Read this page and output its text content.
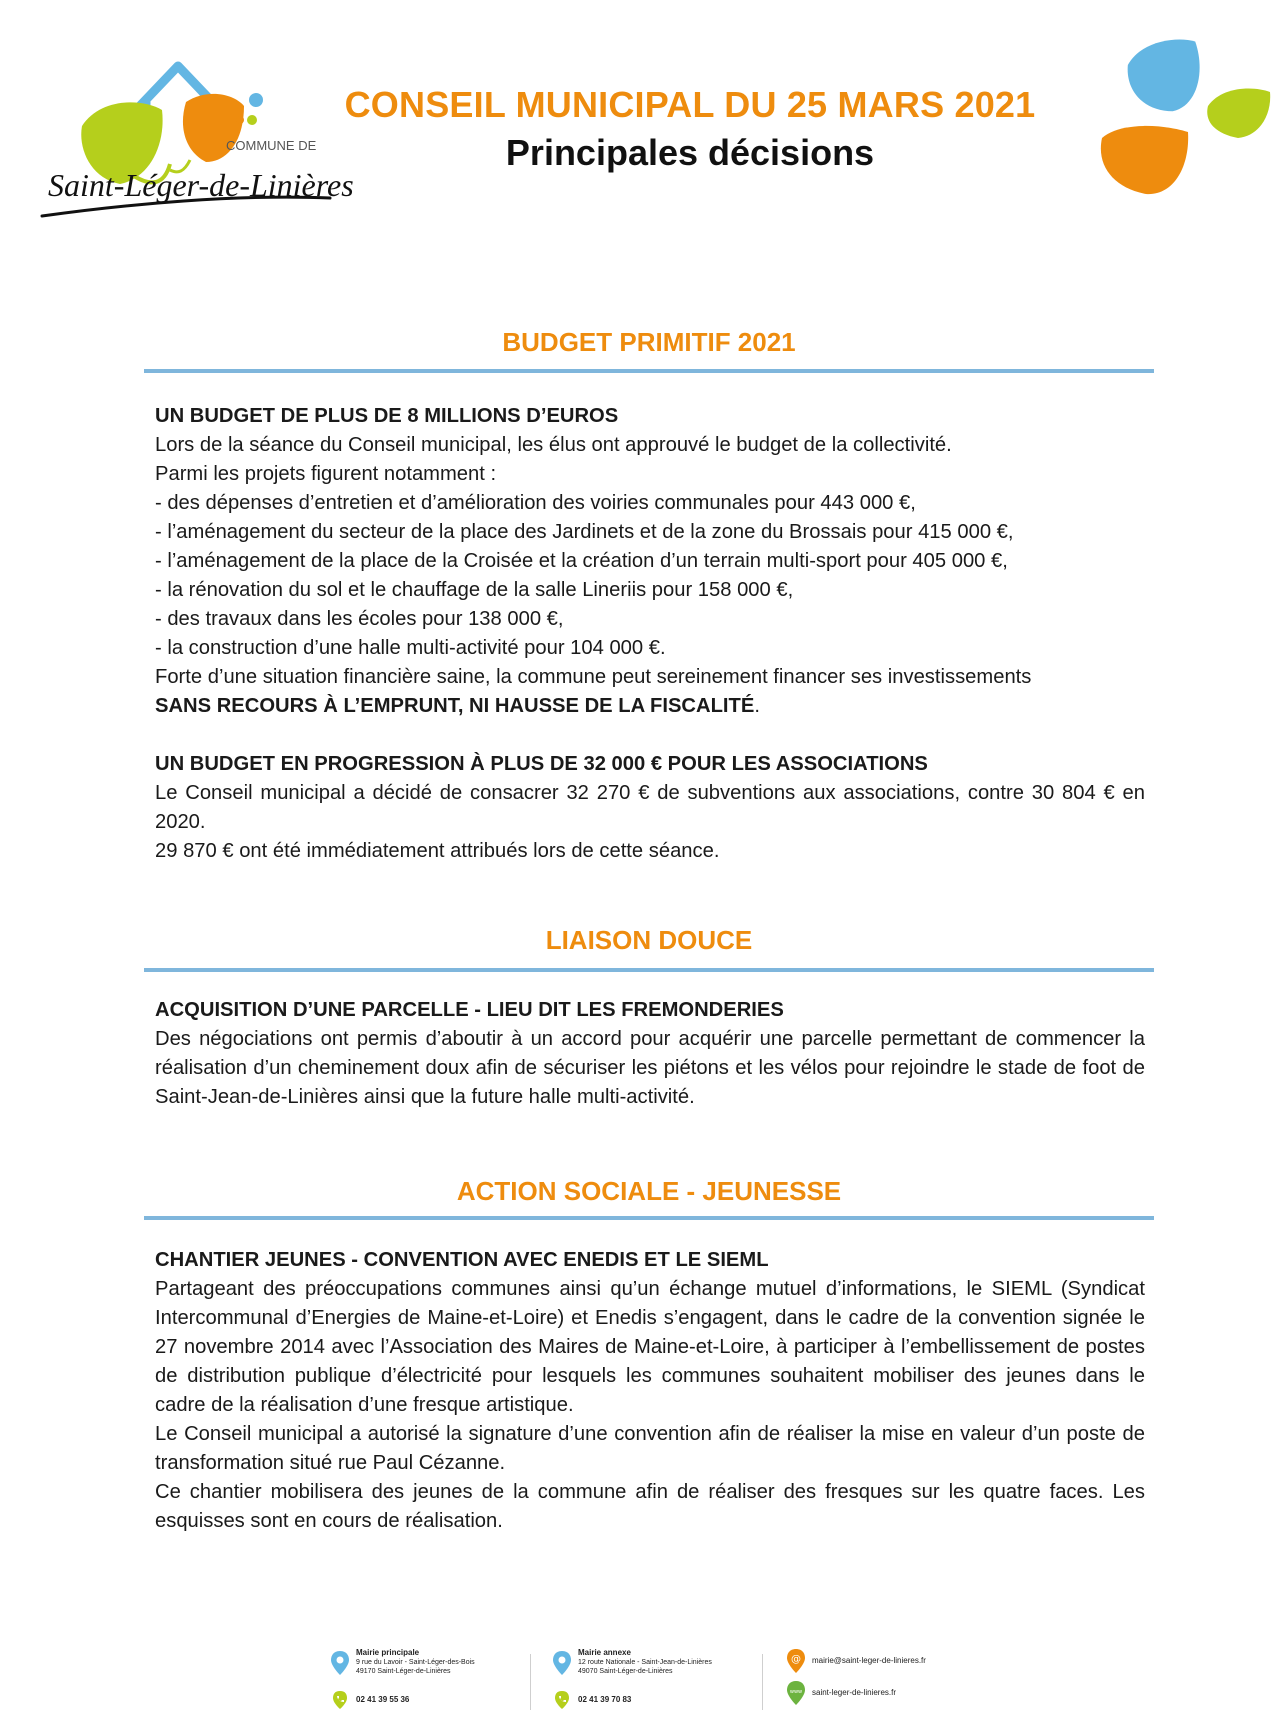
COMMUNE DE
Saint-Léger-de-Linières
CONSEIL MUNICIPAL DU 25 MARS 2021
Principales décisions
BUDGET PRIMITIF 2021

UN BUDGET DE PLUS DE 8 MILLIONS D’EUROS

Lors de la séance du Conseil municipal, les élus ont approuvé le budget de la collectivité.

Parmi les projets figurent notamment :

- des dépenses d’entretien et d’amélioration des voiries communales pour 443 000 €,

- l’aménagement du secteur de la place des Jardinets et de la zone du Brossais pour 415 000 €,

- l’aménagement de la place de la Croisée et la création d’un terrain multi-sport pour 405 000 €,

- la rénovation du sol et le chauffage de la salle Lineriis pour 158 000 €,

- des travaux dans les écoles pour 138 000 €,

- la construction d’une halle multi-activité pour 104 000 €.

Forte d’une situation financière saine, la commune peut sereinement financer ses investissements

SANS RECOURS À L’EMPRUNT, NI HAUSSE DE LA FISCALITÉ.

UN BUDGET EN PROGRESSION À PLUS DE 32 000 € POUR LES ASSOCIATIONS

Le Conseil municipal a décidé de consacrer 32 270 € de subventions aux associations, contre 30 804 € en 2020.

29 870 € ont été immédiatement attribués lors de cette séance.

LIAISON DOUCE

ACQUISITION D’UNE PARCELLE - LIEU DIT LES FREMONDERIES

Des négociations ont permis d’aboutir à un accord pour acquérir une parcelle permettant de commencer la réalisation d’un cheminement doux afin de sécuriser les piétons et les vélos pour rejoindre le stade de foot de Saint-Jean-de-Linières ainsi que la future halle multi-activité.

ACTION SOCIALE - JEUNESSE

CHANTIER JEUNES - CONVENTION AVEC ENEDIS ET LE SIEML

Partageant des préoccupations communes ainsi qu’un échange mutuel d’informations, le SIEML (Syndicat Intercommunal d’Energies de Maine-et-Loire) et Enedis s’engagent, dans le cadre de la convention signée le 27 novembre 2014 avec l’Association des Maires de Maine-et-Loire, à participer à l’embellissement de postes de distribution publique d’électricité pour lesquels les communes souhaitent mobiliser des jeunes dans le cadre de la réalisation d’une fresque artistique.

Le Conseil municipal a autorisé la signature d’une convention afin de réaliser la mise en valeur d’un poste de transformation situé rue Paul Cézanne.

Ce chantier mobilisera des jeunes de la commune afin de réaliser des fresques sur les quatre faces. Les esquisses sont en cours de réalisation.

Mairie principale
9 rue du Lavoir - Saint-Léger-des-Bois
49170 Saint-Léger-de-Linières
02 41 39 55 36
Mairie annexe
12 route Nationale - Saint-Jean-de-Linières
49070 Saint-Léger-de-Linières
02 41 39 70 83
@ mairie@saint-leger-de-linieres.fr
www saint-leger-de-linieres.fr
